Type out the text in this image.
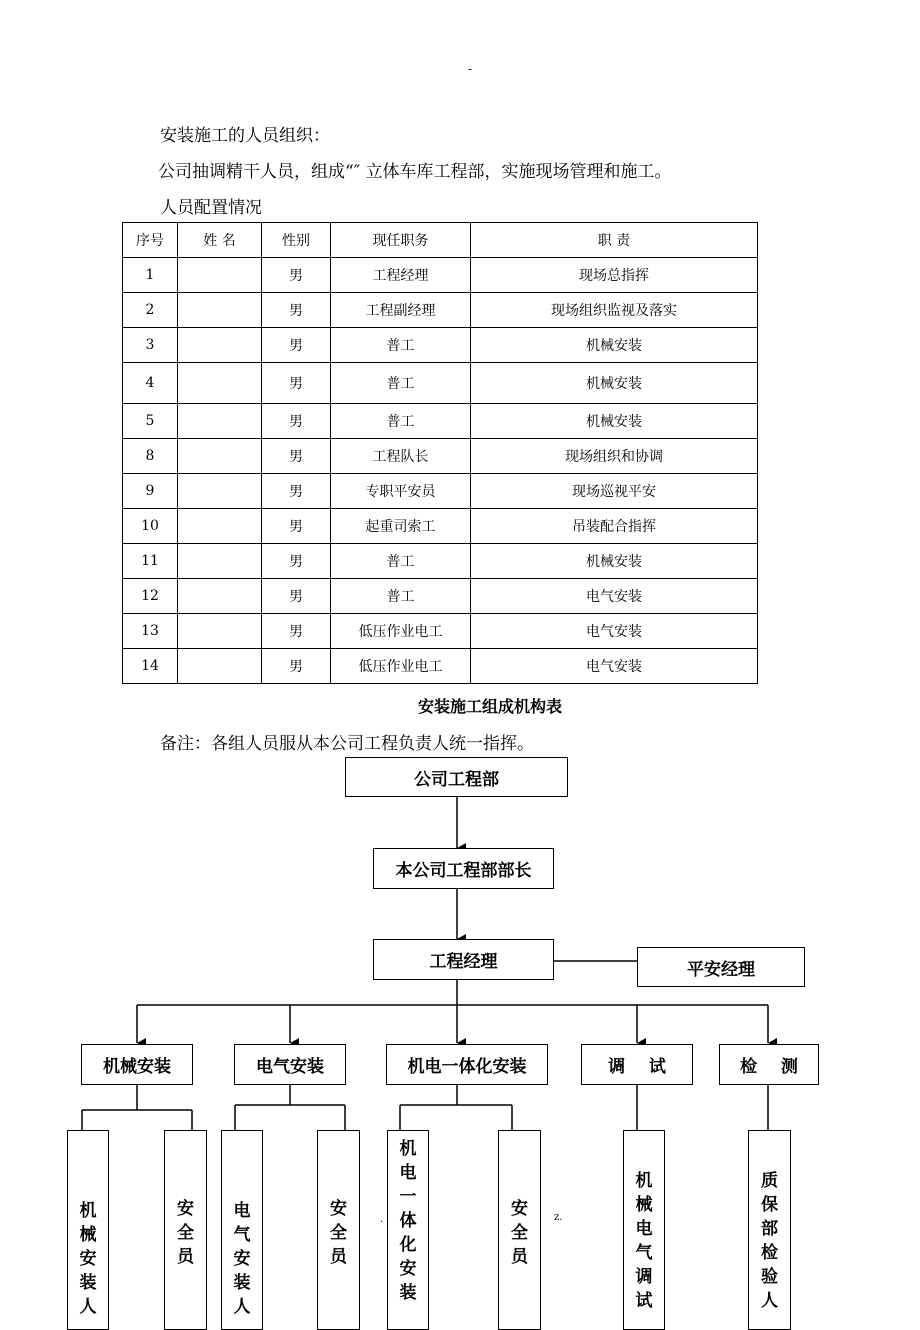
-
安装施工的人员组织：
公司抽调精干人员，组成“″ 立体车库工程部，实施现场管理和施工。
人员配置情况
序号	姓 名	性别	现任职务	职 责
1		男	工程经理	现场总指挥
2		男	工程副经理	现场组织监视及落实
3		男	普工	机械安装
4		男	普工	机械安装
5		男	普工	机械安装
8		男	工程队长	现场组织和协调
9		男	专职平安员	现场巡视平安
10		男	起重司索工	吊装配合指挥
11		男	普工	机械安装
12		男	普工	电气安装
13		男	低压作业电工	电气安装
14		男	低压作业电工	电气安装
安装施工组成机构表
备注：各组人员服从本公司工程负责人统一指挥。
公司工程部
本公司工程部部长
工程经理	平安经理
机械安装	电气安装	机电一体化安装	调    试	检    测
机
械
安
装
人
安
全
员
电
气
安
装
人
安
全
员
机
电
一
体
化
安
装
安
全
员
机
械
电
气
调
试
质
保
部
检
验
人
.	z.
